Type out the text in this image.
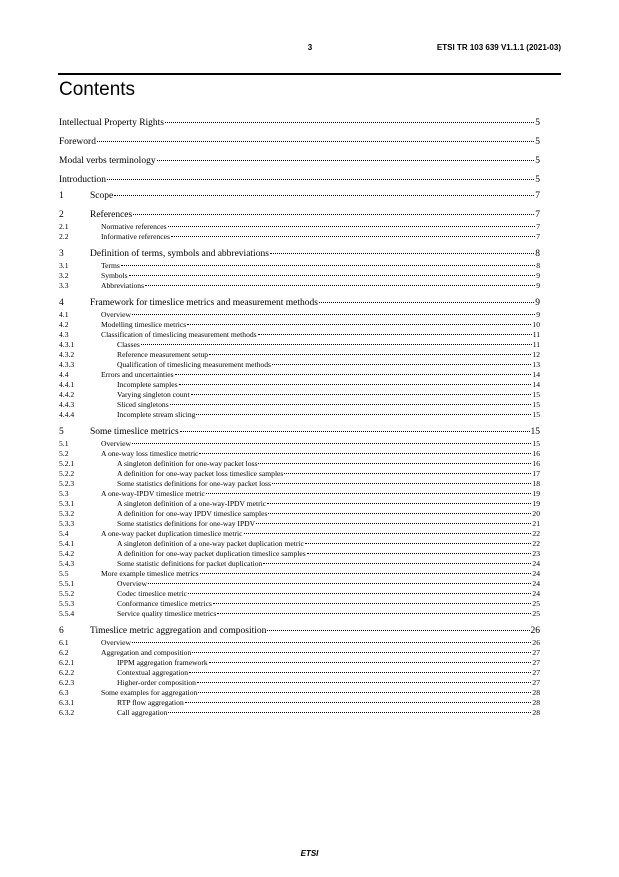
3	ETSI TR 103 639 V1.1.1 (2021-03)
Contents
Intellectual Property Rights	5
Foreword	5
Modal verbs terminology	5
Introduction	5
1	Scope	7
2	References	7
2.1	Normative references	7
2.2	Informative references	7
3	Definition of terms, symbols and abbreviations	8
3.1	Terms	8
3.2	Symbols	9
3.3	Abbreviations	9
4	Framework for timeslice metrics and measurement methods	9
4.1	Overview	9
4.2	Modelling timeslice metrics	10
4.3	Classification of timeslicing measurement methods	11
4.3.1	Classes	11
4.3.2	Reference measurement setup	12
4.3.3	Qualification of timeslicing measurement methods	13
4.4	Errors and uncertainties	14
4.4.1	Incomplete samples	14
4.4.2	Varying singleton count	15
4.4.3	Sliced singletons	15
4.4.4	Incomplete stream slicing	15
5	Some timeslice metrics	15
5.1	Overview	15
5.2	A one-way loss timeslice metric	16
5.2.1	A singleton definition for one-way packet loss	16
5.2.2	A definition for one-way packet loss timeslice samples	17
5.2.3	Some statistics definitions for one-way packet loss	18
5.3	A one-way-IPDV timeslice metric	19
5.3.1	A singleton definition of a one-way-IPDV metric	19
5.3.2	A definition for one-way IPDV timeslice samples	20
5.3.3	Some statistics definitions for one-way IPDV	21
5.4	A one-way packet duplication timeslice metric	22
5.4.1	A singleton definition of a one-way packet duplication metric	22
5.4.2	A definition for one-way packet duplication timeslice samples	23
5.4.3	Some statistic definitions for packet duplication	24
5.5	More example timeslice metrics	24
5.5.1	Overview	24
5.5.2	Codec timeslice metric	24
5.5.3	Conformance timeslice metrics	25
5.5.4	Service quality timeslice metrics	25
6	Timeslice metric aggregation and composition	26
6.1	Overview	26
6.2	Aggregation and composition	27
6.2.1	IPPM aggregation framework	27
6.2.2	Contextual aggregation	27
6.2.3	Higher-order composition	27
6.3	Some examples for aggregation	28
6.3.1	RTP flow aggregation	28
6.3.2	Call aggregation	28
ETSI
